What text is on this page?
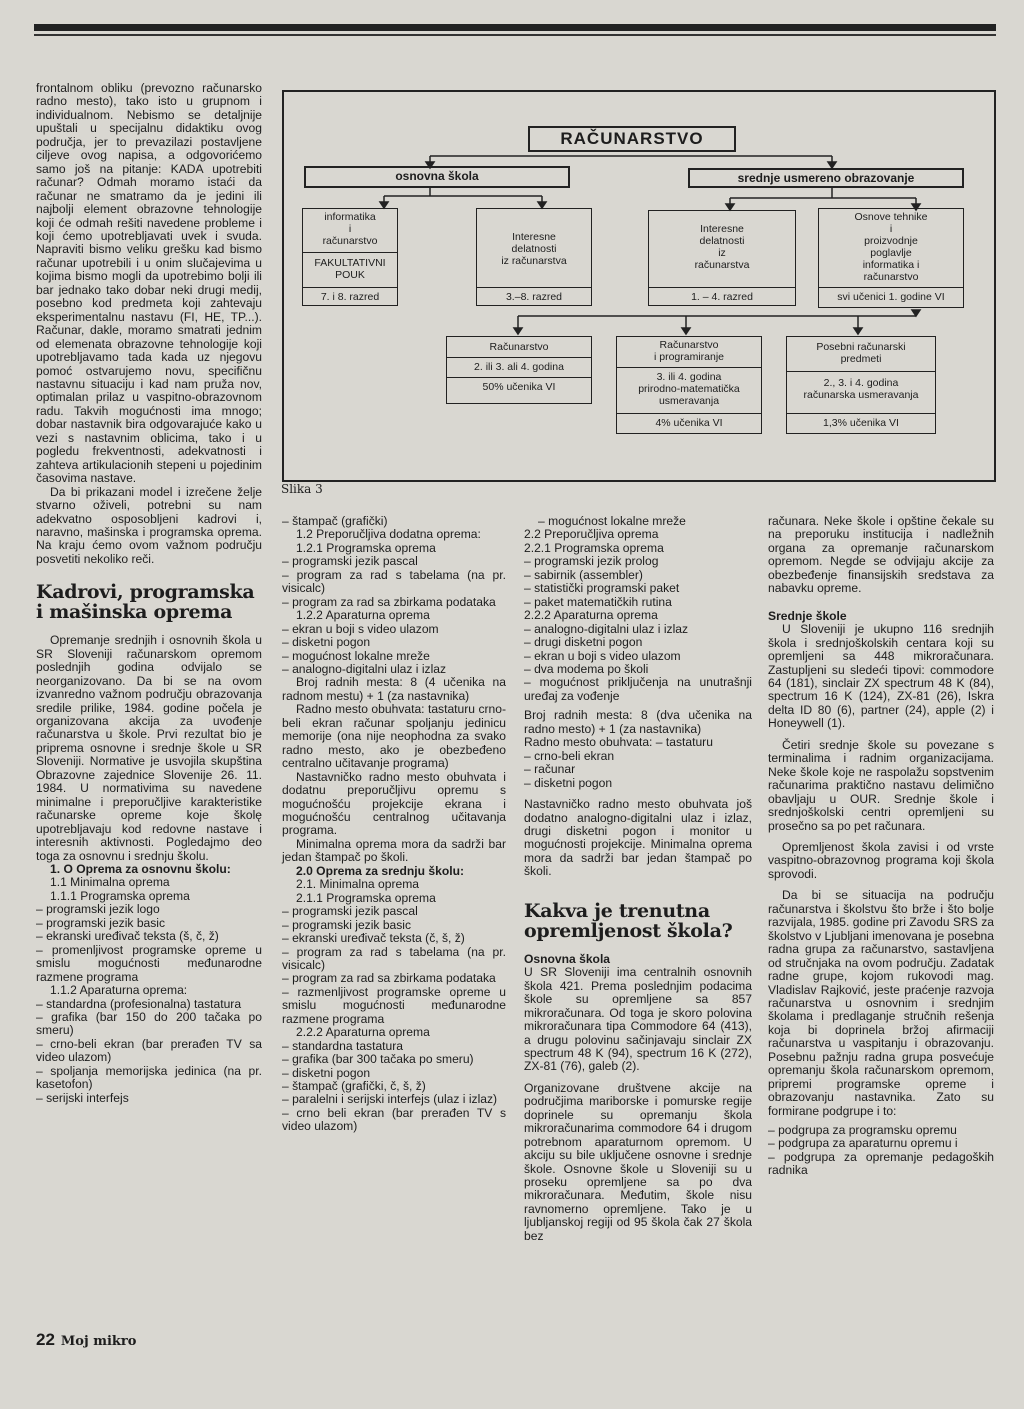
RAČUNARSTVO
osnovna škola	srednje usmereno obrazovanje
informatika
i
računarstvo
FAKULTATIVNI
POUK
7. i 8. razred
Interesne
delatnosti
iz računarstva
3.–8. razred
Interesne
delatnosti
iz
računarstva
1. – 4. razred
Osnove tehnike
i
proizvodnje
poglavlje
informatika i
računarstvo
svi učenici 1. godine VI
Računarstvo
2. ili 3. ali 4. godina
50% učenika VI
Računarstvo
i programiranje
3. ili 4. godina
prirodno-matematička
usmeravanja
4% učenika VI
Posebni računarski
predmeti
2., 3. i 4. godina
računarska usmeravanja
1,3% učenika VI
Slika 3

frontalnom obliku (prevozno računarsko radno mesto), tako isto u grupnom i individualnom. Nebismo se detaljnije upuštali u specijalnu didaktiku ovog područja, jer to prevazilazi postavljene ciljeve ovog napisa, a odgovorićemo samo još na pitanje: KADA upotrebiti računar? Odmah moramo istaći da računar ne smatramo da je jedini ili najbolji element obrazovne tehnologije koji će odmah rešiti navedene probleme i koji ćemo upotrebljavati uvek i svuda. Napraviti bismo veliku grešku kad bismo računar upotrebili i u onim slučajevima u kojima bismo mogli da upotrebimo bolji ili bar jednako tako dobar neki drugi medij, posebno kod predmeta koji zahtevaju eksperimentalnu nastavu (FI, HE, TP...). Računar, dakle, moramo smatrati jednim od elemenata obrazovne tehnologije koji upotrebljavamo tada kada uz njegovu pomoć ostvarujemo novu, specifičnu nastavnu situaciju i kad nam pruža nov, optimalan prilaz u vaspitno-obrazovnom radu. Takvih mogućnosti ima mnogo; dobar nastavnik bira odgovarajuće kako u vezi s nastavnim oblicima, tako i u pogledu frekventnosti, adekvatnosti i zahteva artikulacionih stepeni u pojedinim časovima nastave.

Da bi prikazani model i izrečene želje stvarno oživeli, potrebni su nam adekvatno osposobljeni kadrovi i, naravno, mašinska i programska oprema. Na kraju ćemo ovom važnom području posvetiti nekoliko reči.

Kadrovi, programska i mašinska oprema

Opremanje srednjih i osnovnih škola u SR Sloveniji računarskom opremom poslednjih godina odvijalo se neorganizovano. Da bi se na ovom izvanredno važnom području obrazovanja sredile prilike, 1984. godine počela je organizovana akcija za uvođenje računarstva u škole. Prvi rezultat bio je priprema osnovne i srednje škole u SR Sloveniji. Normative je usvojila skupština Obrazovne zajednice Slovenije 26. 11. 1984. U normativima su navedene minimalne i preporučljive karakteristike računarske opreme koje školę upotrebljavaju kod redovne nastave i interesnih aktivnosti. Pogledajmo deo toga za osnovnu i srednju školu.

1. O Oprema za osnovnu školu:

1.1 Minimalna oprema

1.1.1 Programska oprema

– programski jezik logo

– programski jezik basic

– ekranski uređivač teksta (š, č, ž)

– promenljivost programske opreme u smislu mogućnosti međunarodne razmene programa

1.1.2 Aparaturna oprema:

– standardna (profesionalna) tastatura

– grafika (bar 150 do 200 tačaka po smeru)

– crno-beli ekran (bar prerađen TV sa video ulazom)

– spoljanja memorijska jedinica (na pr. kasetofon)

– serijski interfejs

– štampač (grafički)

1.2 Preporučljiva dodatna oprema:

1.2.1 Programska oprema

– programski jezik pascal

– program za rad s tabelama (na pr. visicalc)

– program za rad sa zbirkama podataka

1.2.2 Aparaturna oprema

– ekran u boji s video ulazom

– disketni pogon

– mogućnost lokalne mreže

– analogno-digitalni ulaz i izlaz

Broj radnih mesta: 8 (4 učenika na radnom mestu) + 1 (za nastavnika)

Radno mesto obuhvata: tastaturu crno-beli ekran računar spoljanju jedinicu memorije (ona nije neophodna za svako radno mesto, ako je obezbeđeno centralno učitavanje programa)

Nastavničko radno mesto obuhvata i dodatnu preporučljivu opremu s mogućnošću projekcije ekrana i mogućnošću centralnog učitavanja programa.

Minimalna oprema mora da sadrži bar jedan štampač po školi.

2.0 Oprema za srednju školu:

2.1. Minimalna oprema

2.1.1 Programska oprema

– programski jezik pascal

– programski jezik basic

– ekranski uređivač teksta (č, š, ž)

– program za rad s tabelama (na pr. visicalc)

– program za rad sa zbirkama podataka

– razmenljivost programske opreme u smislu mogućnosti međunarodne razmene programa

2.2.2 Aparaturna oprema

– standardna tastatura

– grafika (bar 300 tačaka po smeru)

– disketni pogon

– štampač (grafički, č, š, ž)

– paralelni i serijski interfejs (ulaz i izlaz)

– crno beli ekran (bar prerađen TV s video ulazom)

– mogućnost lokalne mreže

2.2 Preporučljiva oprema

2.2.1 Programska oprema

– programski jezik prolog

– sabirnik (assembler)

– statistički programski paket

– paket matematičkih rutina

2.2.2 Aparaturna oprema

– analogno-digitalni ulaz i izlaz

– drugi disketni pogon

– ekran u boji s video ulazom

– dva modema po školi

– mogućnost priključenja na unutrašnji uređaj za vođenje

Broj radnih mesta: 8 (dva učenika na radno mesto) + 1 (za nastavnika)

Radno mesto obuhvata: – tastaturu

– crno-beli ekran

– računar

– disketni pogon

Nastavničko radno mesto obuhvata još dodatno analogno-digitalni ulaz i izlaz, drugi disketni pogon i monitor u mogućnosti projekcije. Minimalna oprema mora da sadrži bar jedan štampač po školi.

Kakva je trenutna opremljenost škola?

Osnovna škola

U SR Sloveniji ima centralnih osnovnih škola 421. Prema poslednjim podacima škole su opremljene sa 857 mikroračunara. Od toga je skoro polovina mikroračunara tipa Commodore 64 (413), a drugu polovinu sačinjavaju sinclair ZX spectrum 48 K (94), spectrum 16 K (272), ZX-81 (76), galeb (2).

Organizovane društvene akcije na područjima mariborske i pomurske regije doprinele su opremanju škola mikroračunarima commodore 64 i drugom potrebnom aparaturnom opremom. U akciju su bile uključene osnovne i srednje škole. Osnovne škole u Sloveniji su u proseku opremljene sa po dva mikroračunara. Međutim, škole nisu ravnomerno opremljene. Tako je u ljubljanskoj regiji od 95 škola čak 27 škola bez

računara. Neke škole i opštine čekale su na preporuku institucija i nadležnih organa za opremanje računarskom opremom. Negde se odvijaju akcije za obezbeđenje finansijskih sredstava za nabavku opreme.

Srednje škole

U Sloveniji je ukupno 116 srednjih škola i srednjoškolskih centara koji su opremljeni sa 448 mikroračunara. Zastupljeni su sledeći tipovi: commodore 64 (181), sinclair ZX spectrum 48 K (84), spectrum 16 K (124), ZX-81 (26), Iskra delta ID 80 (6), partner (24), apple (2) i Honeywell (1).

Četiri srednje škole su povezane s terminalima i radnim organizacijama. Neke škole koje ne raspolažu sopstvenim računarima praktično nastavu delimično obavljaju u OUR. Srednje škole i srednjoškolski centri opremljeni su prosečno sa po pet računara.

Opremljenost škola zavisi i od vrste vaspitno-obrazovnog programa koji škola sprovodi.

Da bi se situacija na području računarstva i školstvu što brže i što bolje razvijala, 1985. godine pri Zavodu SRS za školstvo v Ljubljani imenovana je posebna radna grupa za računarstvo, sastavljena od stručnjaka na ovom području. Zadatak radne grupe, kojom rukovodi mag. Vladislav Rajković, jeste praćenje razvoja računarstva u osnovnim i srednjim školama i predlaganje stručnih rešenja koja bi doprinela bržoj afirmaciji računarstva u vaspitanju i obrazovanju. Posebnu pažnju radna grupa posvećuje opremanju škola računarskom opremom, pripremi programske opreme i obrazovanju nastavnika. Zato su formirane podgrupe i to:

– podgrupa za programsku opremu

– podgrupa za aparaturnu opremu i

– podgrupa za opremanje pedagoških radnika

22 Moj mikro
